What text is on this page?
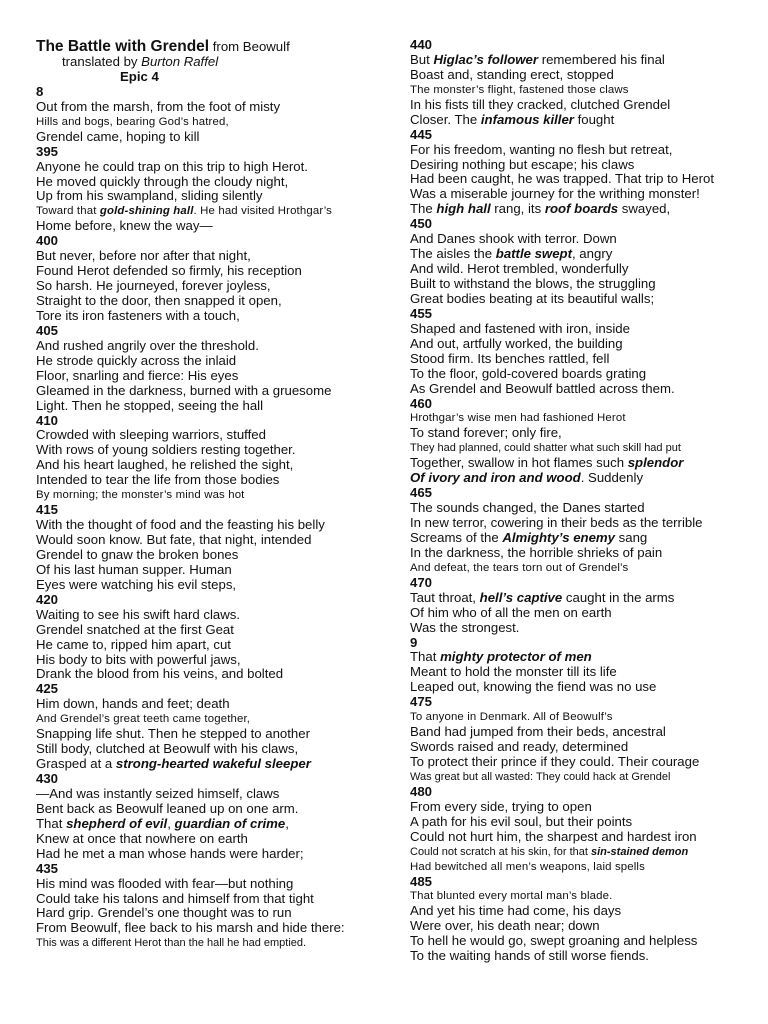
The Battle with Grendel from Beowulf
translated by Burton Raffel
Epic 4
8
Out from the marsh, from the foot of misty
Hills and bogs, bearing God’s hatred,
Grendel came, hoping to kill
395
Anyone he could trap on this trip to high Herot.
He moved quickly through the cloudy night,
Up from his swampland, sliding silently
Toward that gold-shining hall. He had visited Hrothgar’s
Home before, knew the way—
400
But never, before nor after that night,
Found Herot defended so firmly, his reception
So harsh. He journeyed, forever joyless,
Straight to the door, then snapped it open,
Tore its iron fasteners with a touch,
405
And rushed angrily over the threshold.
He strode quickly across the inlaid
Floor, snarling and fierce: His eyes
Gleamed in the darkness, burned with a gruesome
Light. Then he stopped, seeing the hall
410
Crowded with sleeping warriors, stuffed
With rows of young soldiers resting together.
And his heart laughed, he relished the sight,
Intended to tear the life from those bodies
By morning; the monster’s mind was hot
415
With the thought of food and the feasting his belly
Would soon know. But fate, that night, intended
Grendel to gnaw the broken bones
Of his last human supper. Human
Eyes were watching his evil steps,
420
Waiting to see his swift hard claws.
Grendel snatched at the first Geat
He came to, ripped him apart, cut
His body to bits with powerful jaws,
Drank the blood from his veins, and bolted
425
Him down, hands and feet; death
And Grendel’s great teeth came together,
Snapping life shut. Then he stepped to another
Still body, clutched at Beowulf with his claws,
Grasped at a strong-hearted wakeful sleeper
430
—And was instantly seized himself, claws
Bent back as Beowulf leaned up on one arm.
That shepherd of evil, guardian of crime,
Knew at once that nowhere on earth
Had he met a man whose hands were harder;
435
His mind was flooded with fear—but nothing
Could take his talons and himself from that tight
Hard grip. Grendel’s one thought was to run
From Beowulf, flee back to his marsh and hide there:
This was a different Herot than the hall he had emptied.
440
But Higlac’s follower remembered his final
Boast and, standing erect, stopped
The monster’s flight, fastened those claws
In his fists till they cracked, clutched Grendel
Closer. The infamous killer fought
445
For his freedom, wanting no flesh but retreat,
Desiring nothing but escape; his claws
Had been caught, he was trapped. That trip to Herot
Was a miserable journey for the writhing monster!
The high hall rang, its roof boards swayed,
450
And Danes shook with terror. Down
The aisles the battle swept, angry
And wild. Herot trembled, wonderfully
Built to withstand the blows, the struggling
Great bodies beating at its beautiful walls;
455
Shaped and fastened with iron, inside
And out, artfully worked, the building
Stood firm. Its benches rattled, fell
To the floor, gold-covered boards grating
As Grendel and Beowulf battled across them.
460
Hrothgar’s wise men had fashioned Herot
To stand forever; only fire,
They had planned, could shatter what such skill had put
Together, swallow in hot flames such splendor
Of ivory and iron and wood. Suddenly
465
The sounds changed, the Danes started
In new terror, cowering in their beds as the terrible
Screams of the Almighty’s enemy sang
In the darkness, the horrible shrieks of pain
And defeat, the tears torn out of Grendel’s
470
Taut throat, hell’s captive caught in the arms
Of him who of all the men on earth
Was the strongest.
9
That mighty protector of men
Meant to hold the monster till its life
Leaped out, knowing the fiend was no use
475
To anyone in Denmark. All of Beowulf’s
Band had jumped from their beds, ancestral
Swords raised and ready, determined
To protect their prince if they could. Their courage
Was great but all wasted: They could hack at Grendel
480
From every side, trying to open
A path for his evil soul, but their points
Could not hurt him, the sharpest and hardest iron
Could not scratch at his skin, for that sin-stained demon
Had bewitched all men’s weapons, laid spells
485
That blunted every mortal man’s blade.
And yet his time had come, his days
Were over, his death near; down
To hell he would go, swept groaning and helpless
To the waiting hands of still worse fiends.
